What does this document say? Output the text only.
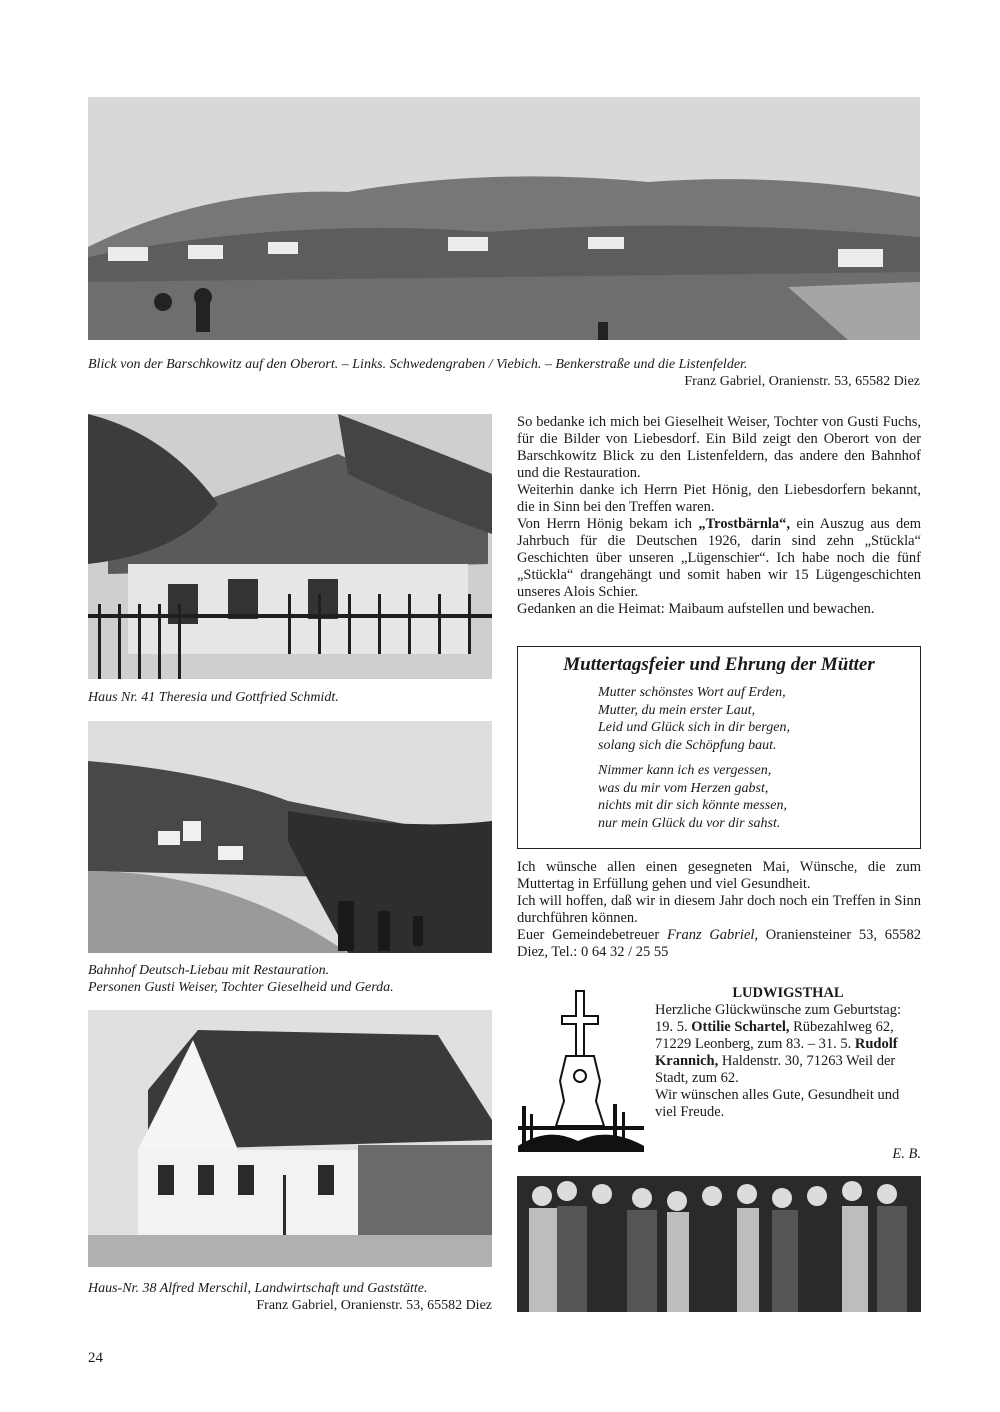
Blick von der Barschkowitz auf den Oberort. – Links. Schwedengraben / Viebich. – Benkerstraße und die Listenfelder.
Franz Gabriel, Oranienstr. 53, 65582 Diez
Haus Nr. 41 Theresia und Gottfried Schmidt.
Bahnhof Deutsch-Liebau mit Restauration.
Personen Gusti Weiser, Tochter Gieselheid und Gerda.
Haus-Nr. 38 Alfred Merschil, Landwirtschaft und Gaststätte.
Franz Gabriel, Oranienstr. 53, 65582 Diez

So bedanke ich mich bei Gieselheit Weiser, Tochter von Gusti Fuchs, für die Bilder von Liebesdorf. Ein Bild zeigt den Oberort von der Barschkowitz Blick zu den Listenfeldern, das andere den Bahnhof und die Restauration.

Weiterhin danke ich Herrn Piet Hönig, den Liebesdorfern bekannt, die in Sinn bei den Treffen waren.

Von Herrn Hönig bekam ich „Trostbärnla“, ein Auszug aus dem Jahrbuch für die Deutschen 1926, darin sind zehn „Stückla“ Geschichten über unseren „Lügenschier“. Ich habe noch die fünf „Stückla“ drangehängt und somit haben wir 15 Lügengeschichten unseres Alois Schier.

Gedanken an die Heimat: Maibaum aufstellen und bewachen.

Muttertagsfeier und Ehrung der Mütter
Mutter schönstes Wort auf Erden,
Mutter, du mein erster Laut,
Leid und Glück sich in dir bergen,
solang sich die Schöpfung baut.
Nimmer kann ich es vergessen,
was du mir vom Herzen gabst,
nichts mit dir sich könnte messen,
nur mein Glück du vor dir sahst.

Ich wünsche allen einen gesegneten Mai, Wünsche, die zum Muttertag in Erfüllung gehen und viel Gesundheit.

Ich will hoffen, daß wir in diesem Jahr doch noch ein Treffen in Sinn durchführen können.

Euer Gemeindebetreuer Franz Gabriel, Oraniensteiner 53, 65582 Diez, Tel.: 0 64 32 / 25 55

LUDWIGSTHAL

Herzliche Glückwünsche zum Geburtstag:

19. 5. Ottilie Schartel, Rübezahlweg 62, 71229 Leonberg, zum 83. – 31. 5. Rudolf Krannich, Haldenstr. 30, 71263 Weil der Stadt, zum 62.

Wir wünschen alles Gute, Gesundheit und viel Freude.

E. B.
24
